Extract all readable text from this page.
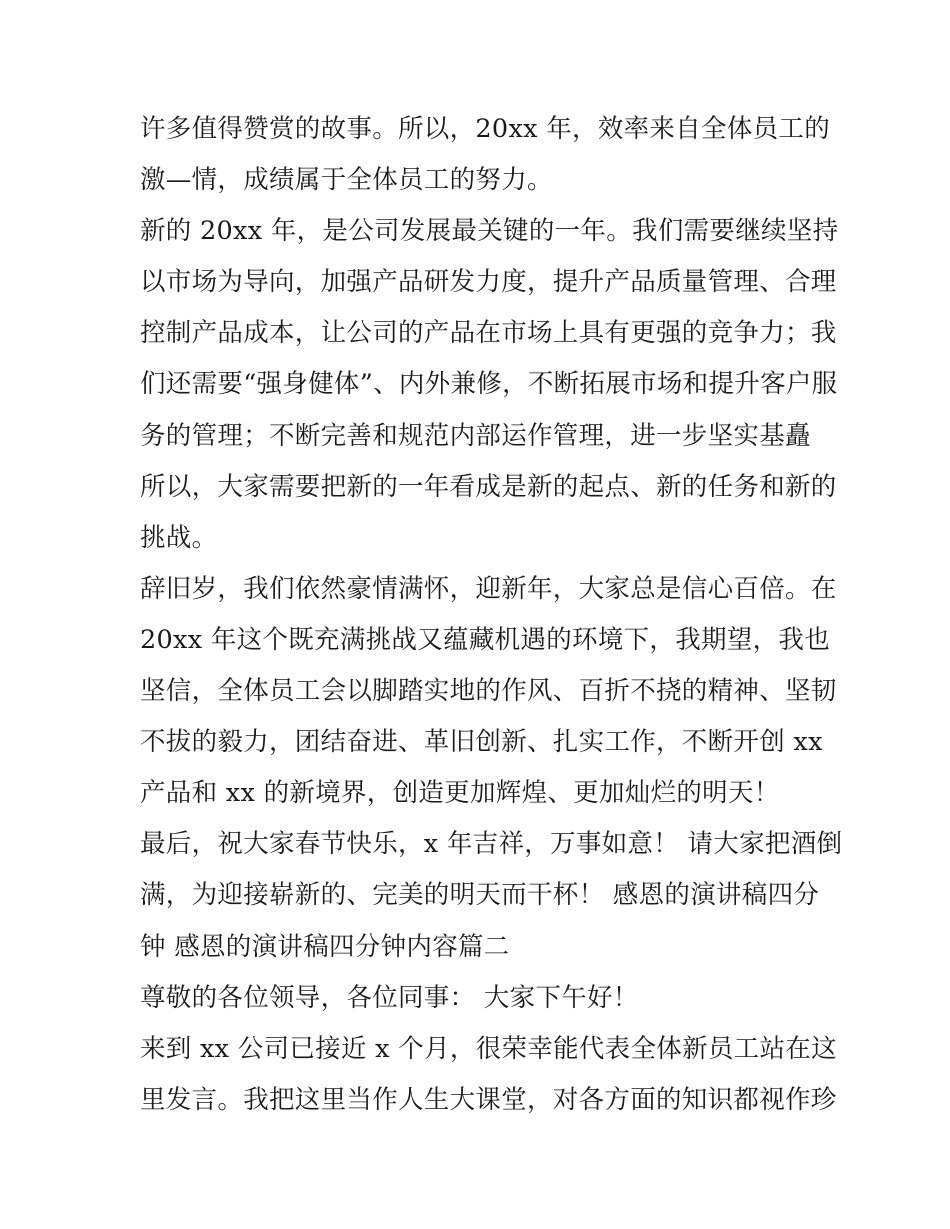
许多值得赞赏的故事。所以，20xx 年，效率来自全体员工的
激—情，成绩属于全体员工的努力。
新的 20xx 年，是公司发展最关键的一年。我们需要继续坚持
以市场为导向，加强产品研发力度，提升产品质量管理、合理
控制产品成本，让公司的产品在市场上具有更强的竞争力；我
们还需要“强身健体”、内外兼修，不断拓展市场和提升客户服
务的管理；不断完善和规范内部运作管理，进一步坚实基矗
所以，大家需要把新的一年看成是新的起点、新的任务和新的
挑战。
辞旧岁，我们依然豪情满怀，迎新年，大家总是信心百倍。在
20xx 年这个既充满挑战又蕴藏机遇的环境下，我期望，我也
坚信，全体员工会以脚踏实地的作风、百折不挠的精神、坚韧
不拔的毅力，团结奋进、革旧创新、扎实工作，不断开创 xx
产品和 xx 的新境界，创造更加辉煌、更加灿烂的明天！
最后，祝大家春节快乐，x 年吉祥，万事如意！ 请大家把酒倒
满，为迎接崭新的、完美的明天而干杯！ 感恩的演讲稿四分
钟 感恩的演讲稿四分钟内容篇二
尊敬的各位领导，各位同事： 大家下午好！
来到 xx 公司已接近 x 个月，很荣幸能代表全体新员工站在这
里发言。我把这里当作人生大课堂，对各方面的知识都视作珍
